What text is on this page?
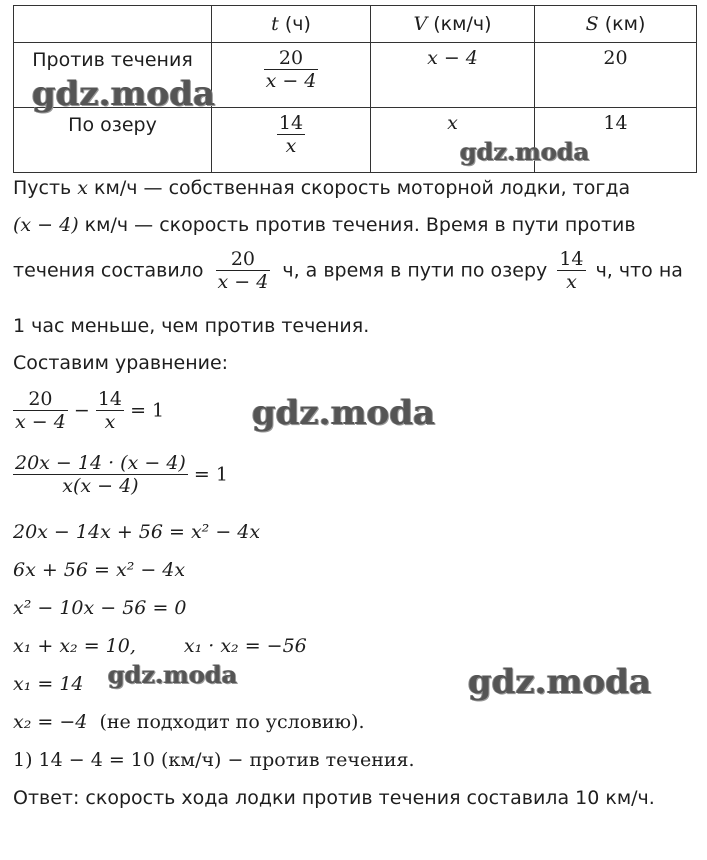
	t (ч)	V (км/ч)	S (км)

Против течения	$\frac{20}{x - 4}$	x − 4	20

По озеру	$\frac{14}{x}$	x	14
Пусть x км/ч — собственная скорость моторной лодки, тогда
(x − 4) км/ч — скорость против течения. Время в пути против
течения составило $\frac{20}{x - 4} ч$, а время в пути по озеру $\frac{14}{x} ч$, что на
1 час меньше, чем против течения.
Составим уравнение:
$\frac{20}{x - 4} - \frac{14}{x} = 1$
$\frac{20x - 14 \cdot (x - 4)}{x(x - 4)} = 1$
20x − 14x + 56 = x² − 4x
6x + 56 = x² − 4x
x² − 10x − 56 = 0
x₁ + x₂ = 10,	x₁ · x₂ = −56
x₁ = 14
x₂ = −4 (не подходит по условию).
1) 14 − 4 = 10 (км/ч) − против течения.
Ответ: скорость хода лодки против течения составила 10 км/ч.
gdz.moda
gdz.moda
gdz.moda
gdz.moda	gdz.moda
